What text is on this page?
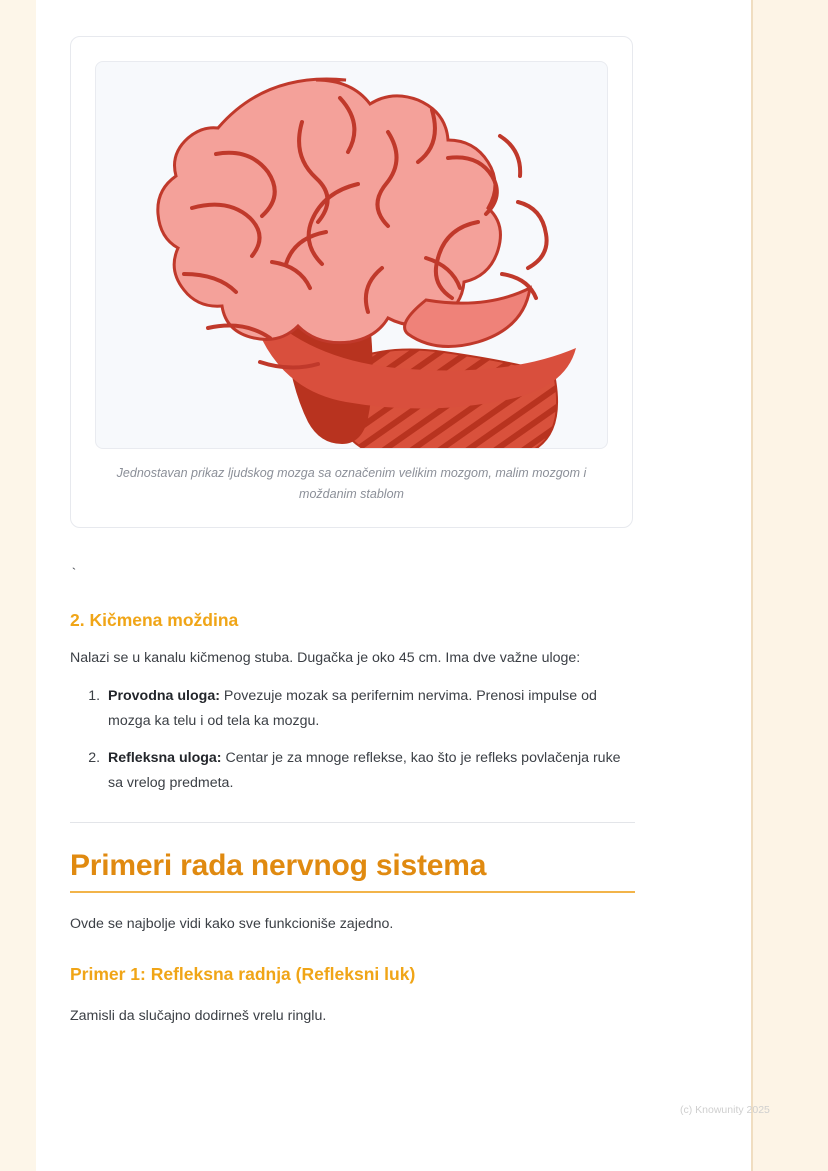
Jednostavan prikaz ljudskog mozga sa označenim velikim mozgom, malim mozgom i moždanim stablom
`
2. Kičmena moždina

Nalazi se u kanalu kičmenog stuba. Dugačka je oko 45 cm. Ima dve važne uloge:

1. Provodna uloga: Povezuje mozak sa perifernim nervima. Prenosi impulse od mozga ka telu i od tela ka mozgu.
2. Refleksna uloga: Centar je za mnoge reflekse, kao što je refleks povlačenja ruke sa vrelog predmeta.
Primeri rada nervnog sistema

Ovde se najbolje vidi kako sve funkcioniše zajedno.

Primer 1: Refleksna radnja (Refleksni luk)

Zamisli da slučajno dodirneš vrelu ringlu.

(c) Knowunity 2025
